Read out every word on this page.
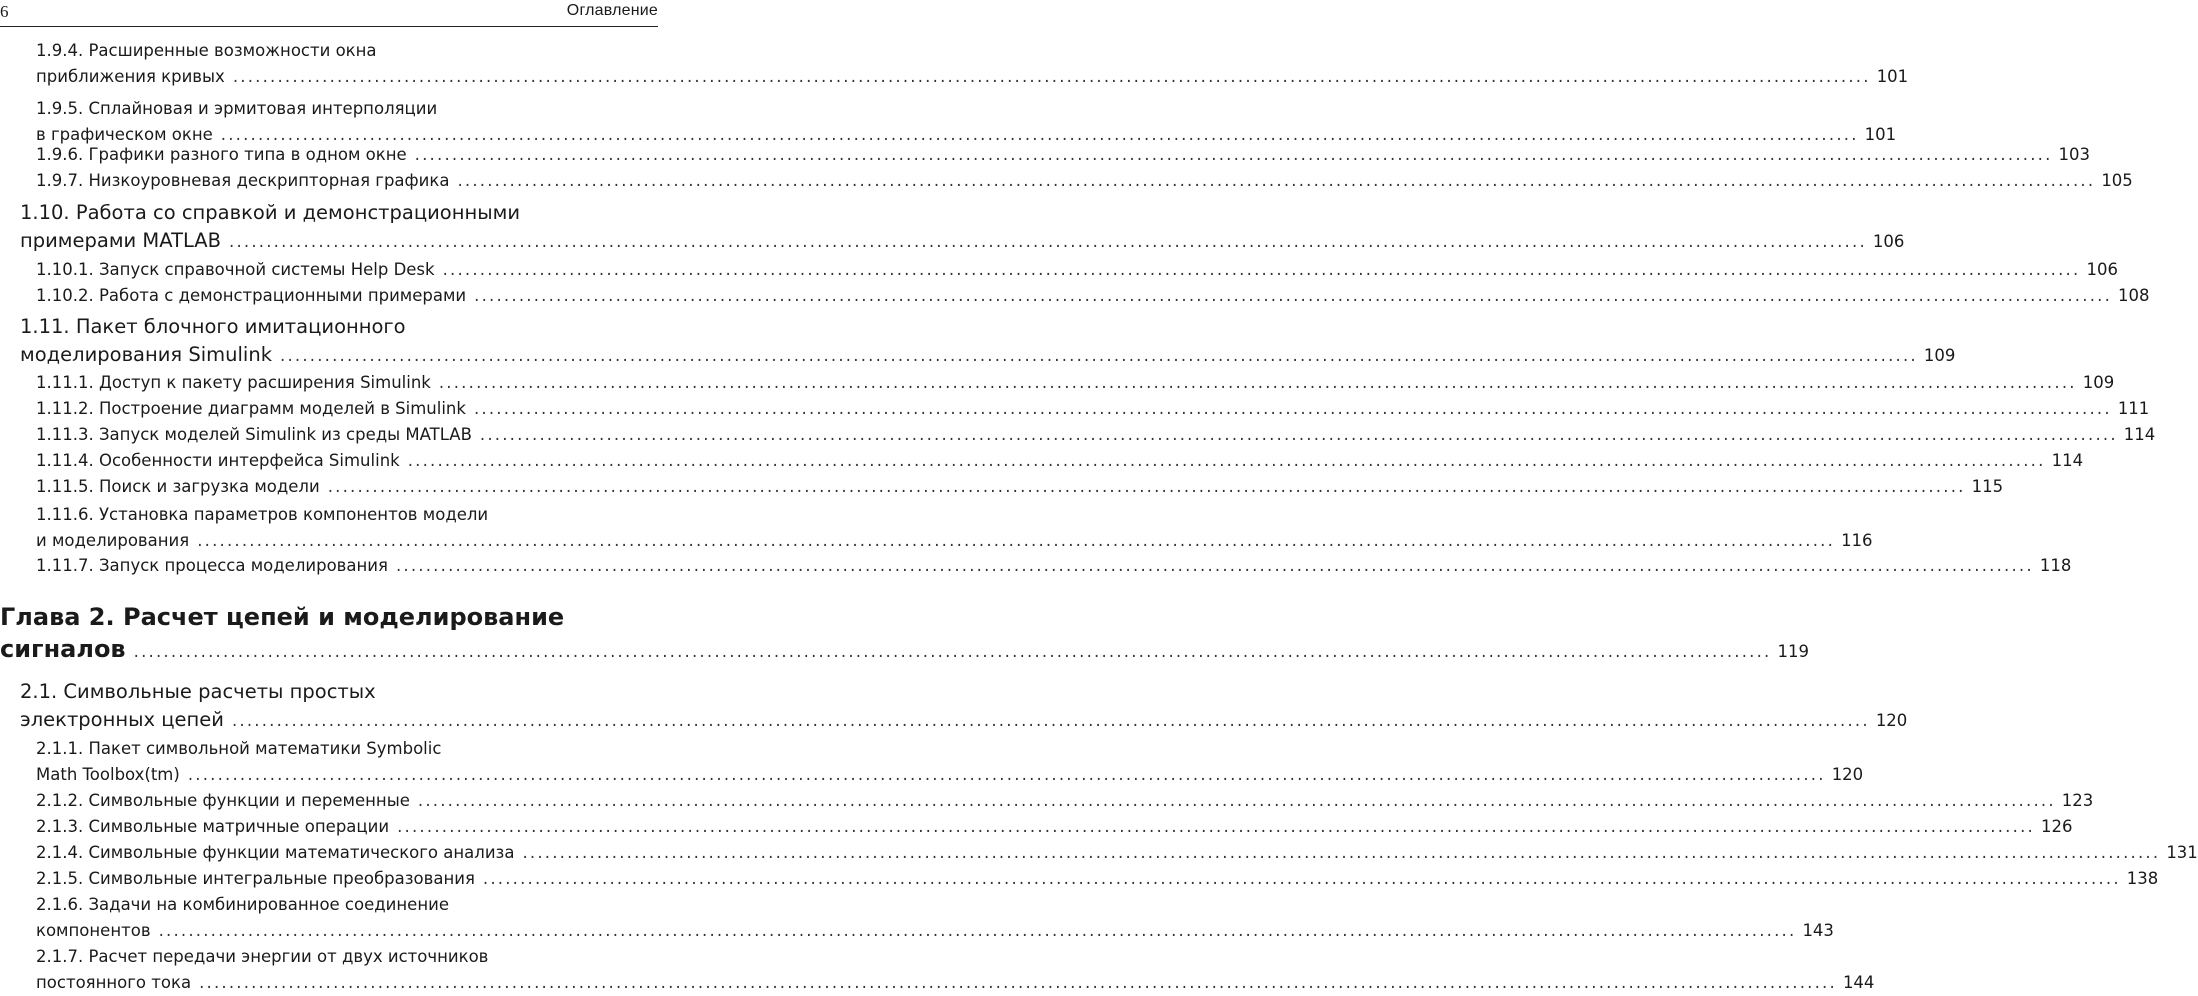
6	Оглавление
1.9.4. Расширенные возможности окна
приближения кривых ............................................................................................................................................................................................................................ 101
1.9.5. Сплайновая и эрмитовая интерполяции
в графическом окне ............................................................................................................................................................................................................................ 101
1.9.6. Графики разного типа в одном окне ............................................................................................................................................................................................................................ 103
1.9.7. Низкоуровневая дескрипторная графика ............................................................................................................................................................................................................................ 105
1.10. Работа со справкой и демонстрационными
примерами MATLAB ............................................................................................................................................................................................................................ 106
1.10.1. Запуск справочной системы Help Desk ............................................................................................................................................................................................................................ 106
1.10.2. Работа с демонстрационными примерами ............................................................................................................................................................................................................................ 108
1.11. Пакет блочного имитационного
моделирования Simulink ............................................................................................................................................................................................................................ 109
1.11.1. Доступ к пакету расширения Simulink ............................................................................................................................................................................................................................ 109
1.11.2. Построение диаграмм моделей в Simulink ............................................................................................................................................................................................................................ 111
1.11.3. Запуск моделей Simulink из среды MATLAB ............................................................................................................................................................................................................................ 114
1.11.4. Особенности интерфейса Simulink ............................................................................................................................................................................................................................ 114
1.11.5. Поиск и загрузка модели ............................................................................................................................................................................................................................ 115
1.11.6. Установка параметров компонентов модели
и моделирования ............................................................................................................................................................................................................................ 116
1.11.7. Запуск процесса моделирования ............................................................................................................................................................................................................................ 118
Глава 2. Расчет цепей и моделирование
сигналов ............................................................................................................................................................................................................................ 119
2.1. Символьные расчеты простых
электронных цепей ............................................................................................................................................................................................................................ 120
2.1.1. Пакет символьной математики Symbolic
Math Toolbox(tm) ............................................................................................................................................................................................................................ 120
2.1.2. Символьные функции и переменные ............................................................................................................................................................................................................................ 123
2.1.3. Символьные матричные операции ............................................................................................................................................................................................................................ 126
2.1.4. Символьные функции математического анализа ............................................................................................................................................................................................................................ 131
2.1.5. Символьные интегральные преобразования ............................................................................................................................................................................................................................ 138
2.1.6. Задачи на комбинированное соединение
компонентов ............................................................................................................................................................................................................................ 143
2.1.7. Расчет передачи энергии от двух источников
постоянного тока ............................................................................................................................................................................................................................ 144
